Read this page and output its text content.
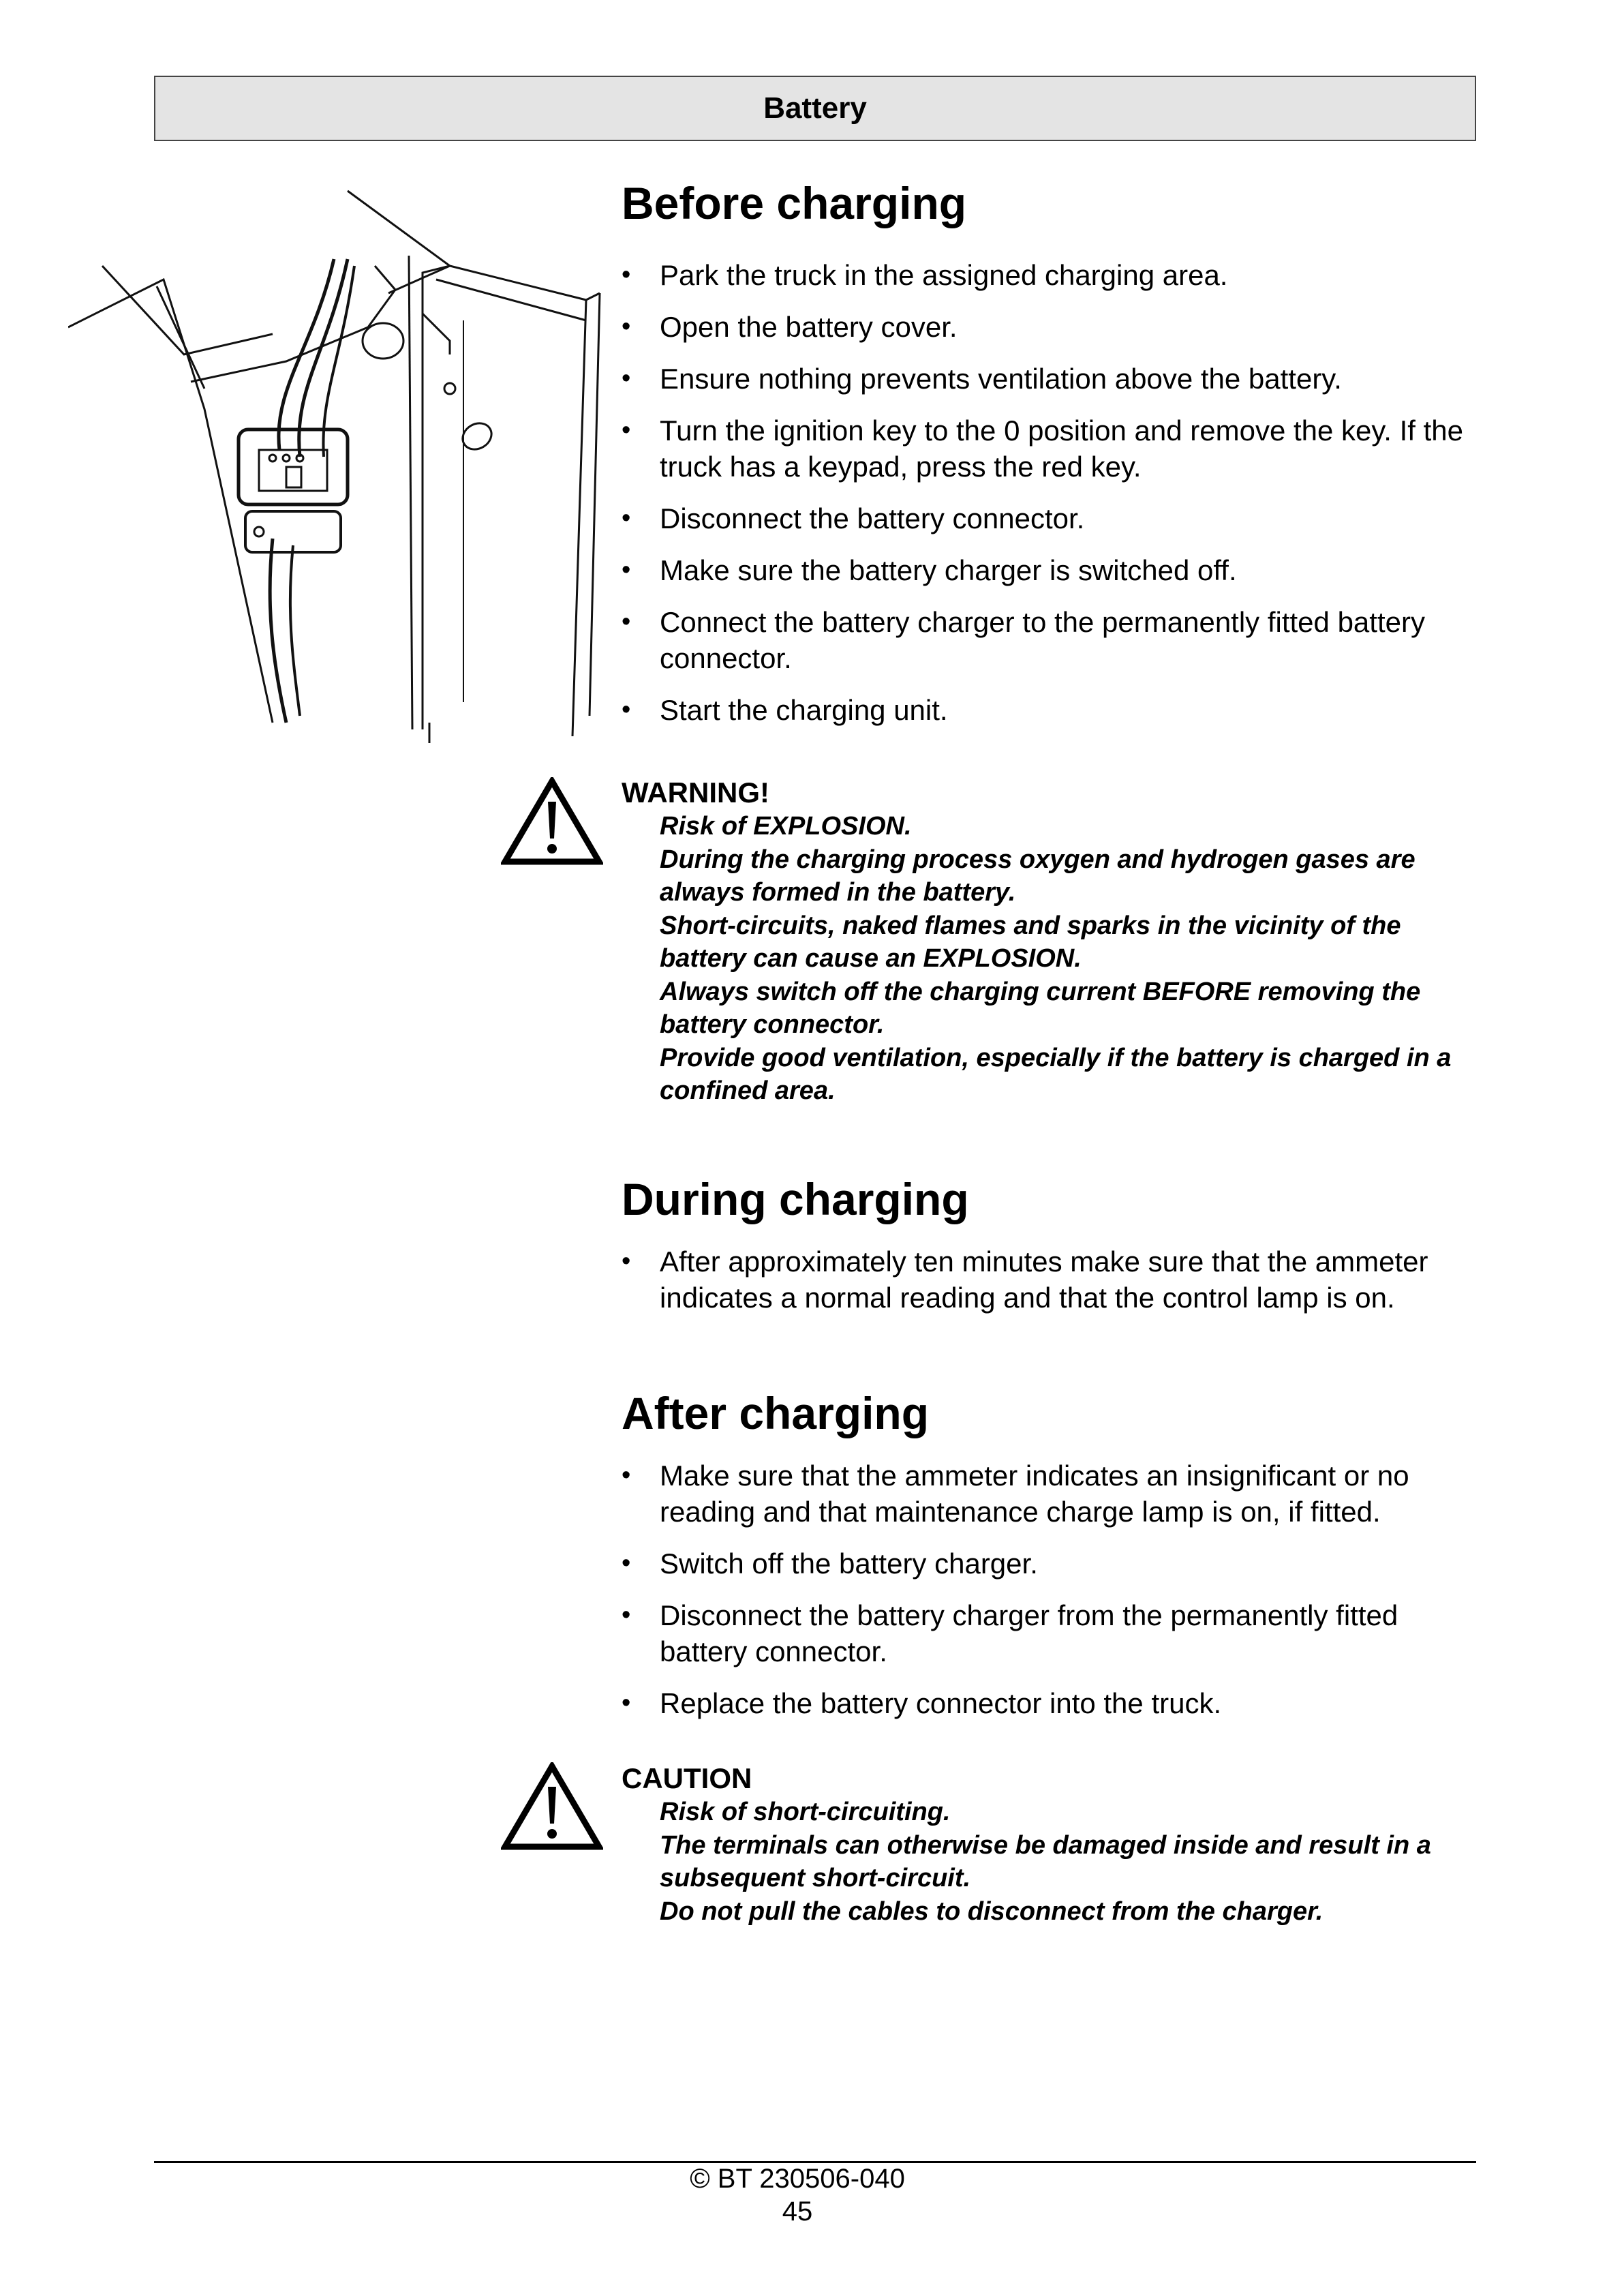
Battery
Before charging
• Park the truck in the assigned charging area.
• Open the battery cover.
• Ensure nothing prevents ventilation above the battery.
• Turn the ignition key to the 0 position and remove the key. If the truck has a keypad, press the red key.
• Disconnect the battery connector.
• Make sure the battery charger is switched off.
• Connect the battery charger to the permanently fitted battery connector.
• Start the charging unit.
WARNING!
Risk of EXPLOSION.
During the charging process oxygen and hydrogen gases are always formed in the battery.
Short-circuits, naked flames and sparks in the vicinity of the battery can cause an EXPLOSION.
Always switch off the charging current BEFORE removing the battery connector.
Provide good ventilation, especially if the battery is charged in a confined area.
During charging
• After approximately ten minutes make sure that the ammeter indicates a normal reading and that the control lamp is on.
After charging
• Make sure that the ammeter indicates an insignificant or no reading and that maintenance charge lamp is on, if fitted.
• Switch off the battery charger.
• Disconnect the battery charger from the permanently fitted battery connector.
• Replace the battery connector into the truck.
CAUTION
Risk of short-circuiting.
The terminals can otherwise be damaged inside and result in a subsequent short-circuit.
Do not pull the cables to disconnect from the charger.
© BT 230506-040
45
